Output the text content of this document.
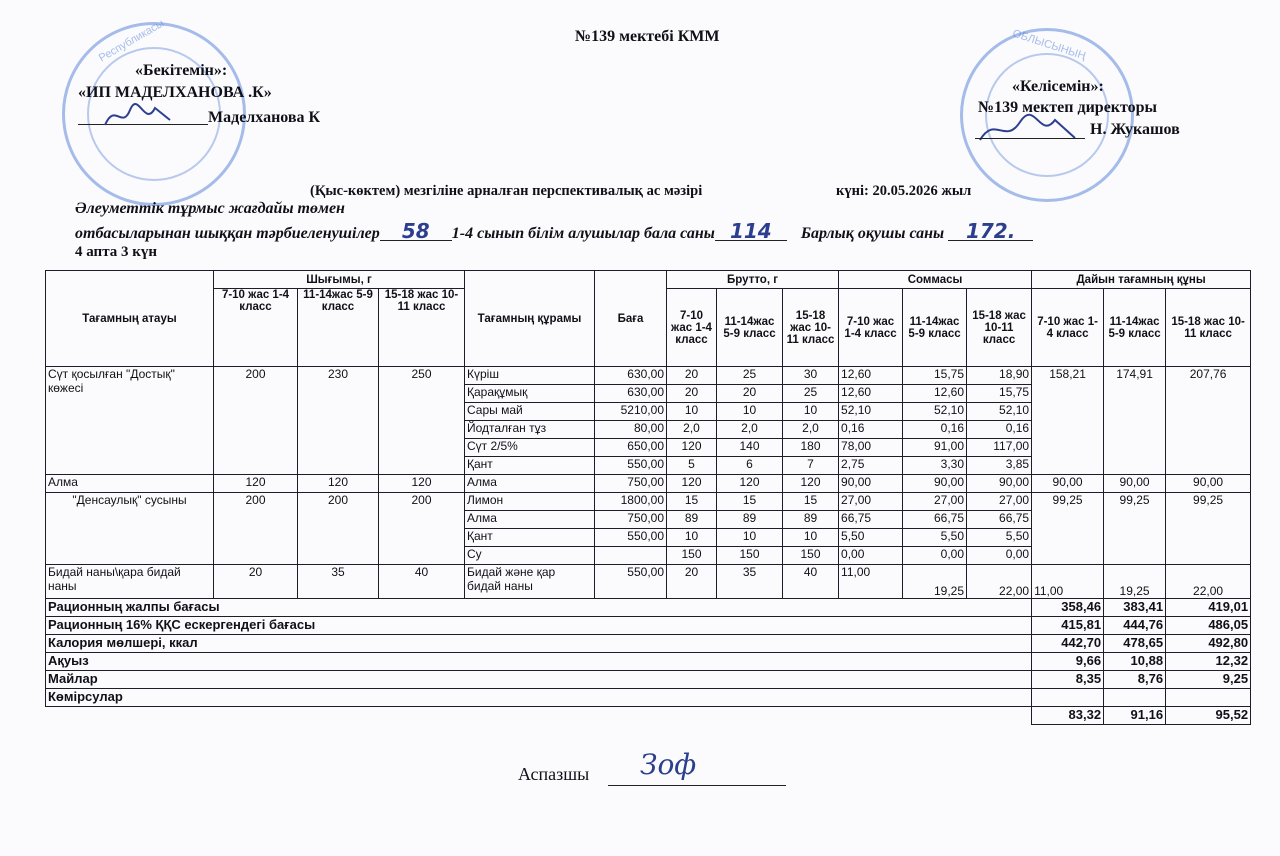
Республикасы	ОБЛЫСЫНЫҢ
№139 мектебі КММ
«Бекітемін»:
«ИП МАДЕЛХАНОВА .К»
Маделханова К
«Келісемін»:
№139 мектеп директоры
Н. Жукашов
(Қыс-көктем) мезгіліне арналған перспективалық ас мәзірі	күні: 20.05.2026 жыл
Әлеуметтік тұрмыс жағдайы төмен
отбасыларынан шыққан тәрбиеленушілер 58 1-4 сынып білім алушылар бала саны 114 Барлық оқушы саны 172.
4 апта 3 күн
Тағамның атауы	Шығымы, г			Тағамның құрамы	Баға	Брутто, г			Соммасы			Дайын тағамның құны		
	7-10 жас 1-4 класс	11-14жас 5-9 класс	15-18 жас 10-11 класс			7-10 жас 1-4 класс	11-14жас 5-9 класс	15-18 жас 10-11 класс	7-10 жас 1-4 класс	11-14жас 5-9 класс	15-18 жас 10-11 класс	7-10 жас 1-4 класс	11-14жас 5-9 класс	15-18 жас 10-11 класс
Сүт қосылған "Достық" көжесі	200	230	250	Күріш	630,00	20	25	30	12,60	15,75	18,90	158,21	174,91	207,76
				Қарақұмық	630,00	20	20	25	12,60	12,60	15,75			
				Сары май	5210,00	10	10	10	52,10	52,10	52,10			
				Йодталған тұз	80,00	2,0	2,0	2,0	0,16	0,16	0,16			
				Сүт 2/5%	650,00	120	140	180	78,00	91,00	117,00			
				Қант	550,00	5	6	7	2,75	3,30	3,85			
Алма	120	120	120	Алма	750,00	120	120	120	90,00	90,00	90,00	90,00	90,00	90,00
"Денсаулық" сусыны	200	200	200	Лимон	1800,00	15	15	15	27,00	27,00	27,00	99,25	99,25	99,25
				Алма	750,00	89	89	89	66,75	66,75	66,75			
				Қант	550,00	10	10	10	5,50	5,50	5,50			
				Су		150	150	150	0,00	0,00	0,00			
Бидай наны\қара бидай наны	20	35	40	Бидай және қар бидай наны	550,00	20	35	40	11,00	19,25	22,00	11,00	19,25	22,00
Рационның жалпы бағасы												358,46	383,41	419,01
Рационның 16% ҚҚС ескергендегі бағасы												415,81	444,76	486,05
Калория мөлшері, ккал												442,70	478,65	492,80
Ақуыз												9,66	10,88	12,32
Майлар												8,35	8,76	9,25
Көмірсулар														
												83,32	91,16	95,52
Аспазшы Зоф
